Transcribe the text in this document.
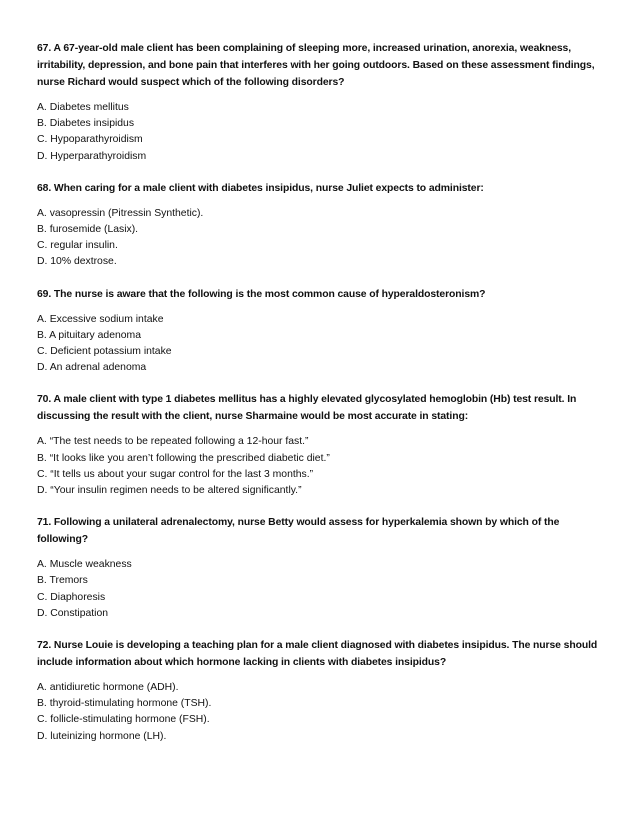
67. A 67-year-old male client has been complaining of sleeping more, increased urination, anorexia, weakness, irritability, depression, and bone pain that interferes with her going outdoors. Based on these assessment findings, nurse Richard would suspect which of the following disorders?

A. Diabetes mellitus

B. Diabetes insipidus

C. Hypoparathyroidism

D. Hyperparathyroidism

68. When caring for a male client with diabetes insipidus, nurse Juliet expects to administer:

A. vasopressin (Pitressin Synthetic).

B. furosemide (Lasix).

C. regular insulin.

D. 10% dextrose.

69. The nurse is aware that the following is the most common cause of hyperaldosteronism?

A. Excessive sodium intake

B. A pituitary adenoma

C. Deficient potassium intake

D. An adrenal adenoma

70. A male client with type 1 diabetes mellitus has a highly elevated glycosylated hemoglobin (Hb) test result. In discussing the result with the client, nurse Sharmaine would be most accurate in stating:

A. “The test needs to be repeated following a 12-hour fast.”

B. “It looks like you aren’t following the prescribed diabetic diet.”

C. “It tells us about your sugar control for the last 3 months.”

D. “Your insulin regimen needs to be altered significantly.”

71. Following a unilateral adrenalectomy, nurse Betty would assess for hyperkalemia shown by which of the following?

A. Muscle weakness

B. Tremors

C. Diaphoresis

D. Constipation

72. Nurse Louie is developing a teaching plan for a male client diagnosed with diabetes insipidus. The nurse should include information about which hormone lacking in clients with diabetes insipidus?

A. antidiuretic hormone (ADH).

B. thyroid-stimulating hormone (TSH).

C. follicle-stimulating hormone (FSH).

D. luteinizing hormone (LH).
